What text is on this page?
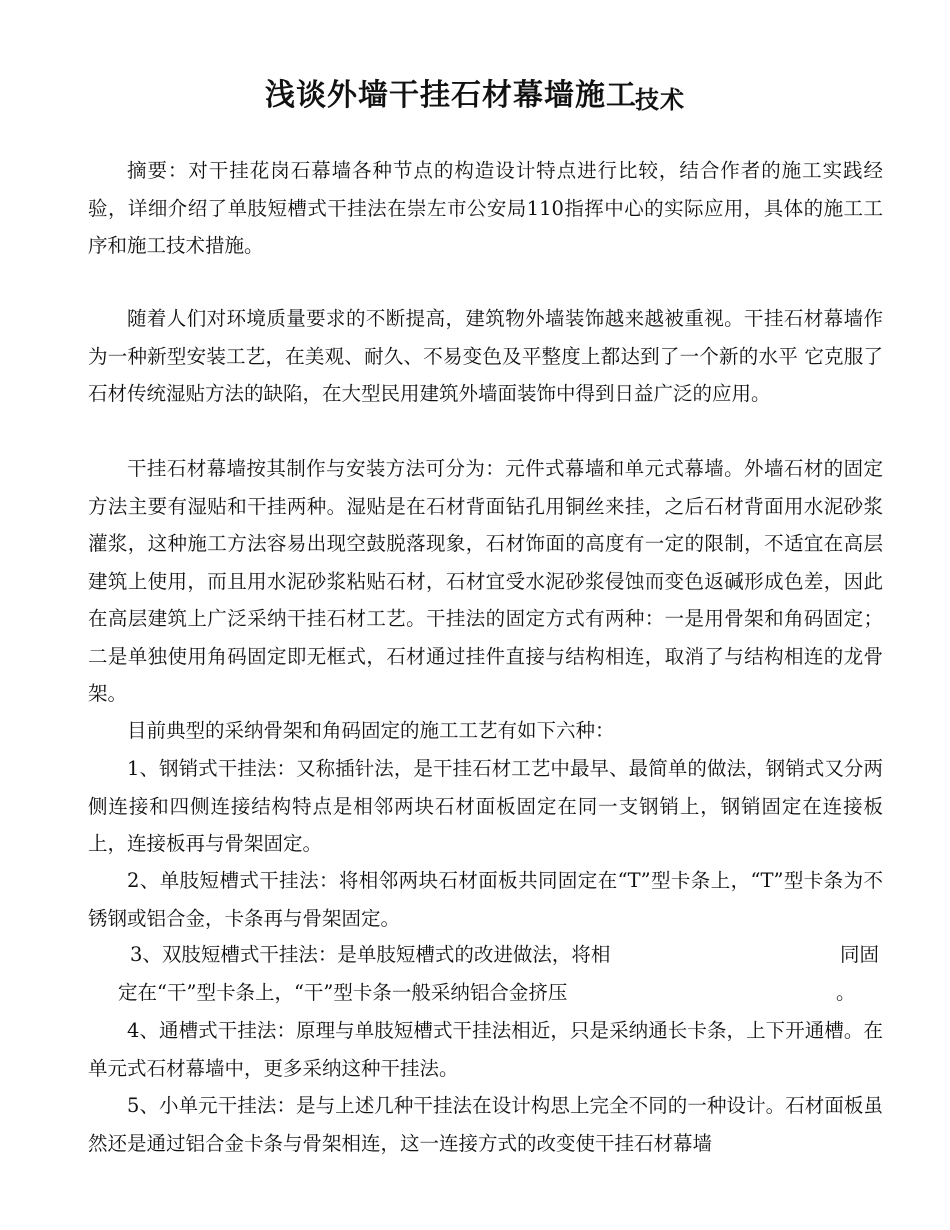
浅谈外墙干挂石材幕墙施工技术

摘要：对干挂花岗石幕墙各种节点的构造设计特点进行比较，结合作者的施工实践经验，详细介绍了单肢短槽式干挂法在崇左市公安局110指挥中心的实际应用，具体的施工工序和施工技术措施。

随着人们对环境质量要求的不断提高，建筑物外墙装饰越来越被重视。干挂石材幕墙作为一种新型安装工艺，在美观、耐久、不易变色及平整度上都达到了一个新的水平 它克服了石材传统湿贴方法的缺陷，在大型民用建筑外墙面装饰中得到日益广泛的应用。

干挂石材幕墙按其制作与安装方法可分为：元件式幕墙和单元式幕墙。外墙石材的固定方法主要有湿贴和干挂两种。湿贴是在石材背面钻孔用铜丝来挂，之后石材背面用水泥砂浆灌浆，这种施工方法容易出现空鼓脱落现象，石材饰面的高度有一定的限制，不适宜在高层建筑上使用，而且用水泥砂浆粘贴石材，石材宜受水泥砂浆侵蚀而变色返碱形成色差，因此在高层建筑上广泛采纳干挂石材工艺。干挂法的固定方式有两种：一是用骨架和角码固定；二是单独使用角码固定即无框式，石材通过挂件直接与结构相连，取消了与结构相连的龙骨架。

目前典型的采纳骨架和角码固定的施工工艺有如下六种：

1、钢销式干挂法：又称插针法，是干挂石材工艺中最早、最简单的做法，钢销式又分两侧连接和四侧连接结构特点是相邻两块石材面板固定在同一支钢销上，钢销固定在连接板上，连接板再与骨架固定。

2、单肢短槽式干挂法：将相邻两块石材面板共同固定在“T”型卡条上，“T”型卡条为不锈钢或铝合金，卡条再与骨架固定。

3、双肢短槽式干挂法：是单肢短槽式的改进做法，将相	同固
定在“干”型卡条上，“干”型卡条一般采纳铝合金挤压	。

4、通槽式干挂法：原理与单肢短槽式干挂法相近，只是采纳通长卡条，上下开通槽。在单元式石材幕墙中，更多采纳这种干挂法。

5、小单元干挂法：是与上述几种干挂法在设计构思上完全不同的一种设计。石材面板虽然还是通过铝合金卡条与骨架相连，这一连接方式的改变使干挂石材幕墙
